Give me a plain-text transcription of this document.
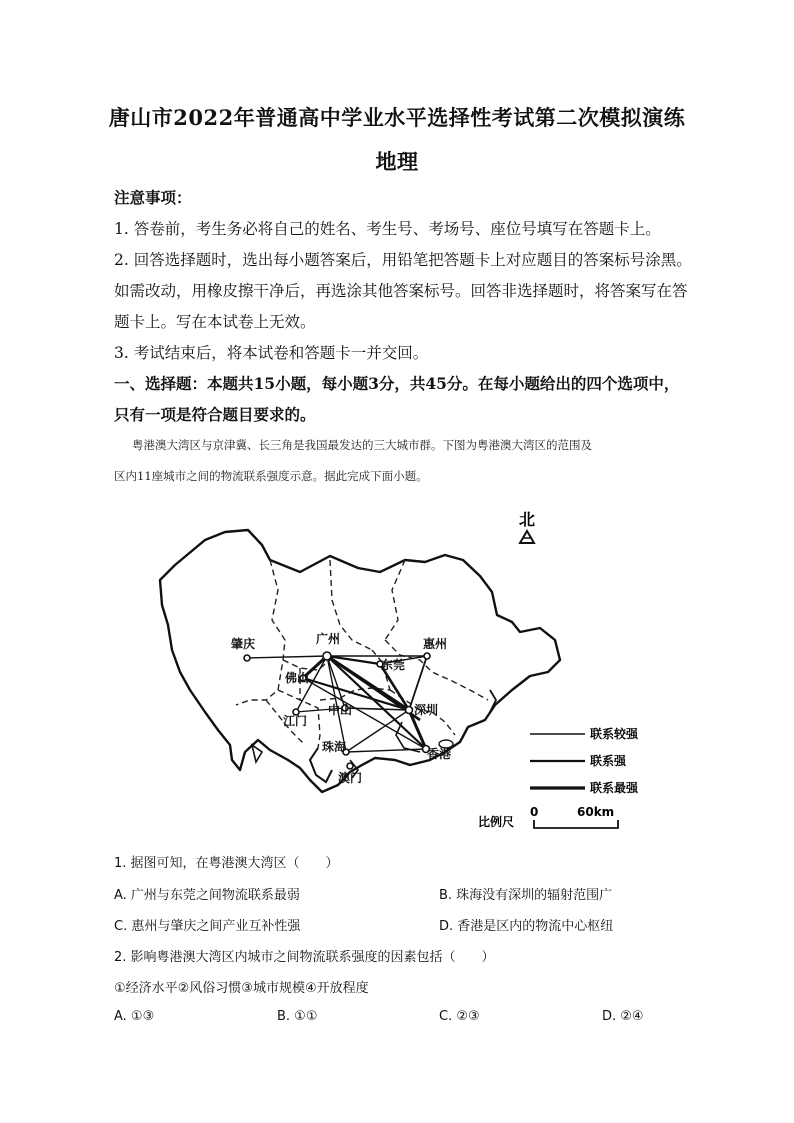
唐山市2022年普通高中学业水平选择性考试第二次模拟演练
地理
注意事项：
1. 答卷前，考生务必将自己的姓名、考生号、考场号、座位号填写在答题卡上。
2. 回答选择题时，选出每小题答案后，用铅笔把答题卡上对应题目的答案标号涂黑。
如需改动，用橡皮擦干净后，再选涂其他答案标号。回答非选择题时，将答案写在答
题卡上。写在本试卷上无效。
3. 考试结束后，将本试卷和答题卡一并交回。
一、选择题：本题共15小题，每小题3分，共45分。在每小题给出的四个选项中，
只有一项是符合题目要求的。
粤港澳大湾区与京津冀、长三角是我国最发达的三大城市群。下图为粤港澳大湾区的范围及
区内11座城市之间的物流联系强度示意。据此完成下面小题。
北
肇庆	广州	惠州
东莞
佛山
中山	深圳
江门
珠海	香港
澳门
联系较强
联系强
联系最强
比例尺
0	60km
1. 据图可知，在粤港澳大湾区（　　）
A. 广州与东莞之间物流联系最弱	B. 珠海没有深圳的辐射范围广
C. 惠州与肇庆之间产业互补性强	D. 香港是区内的物流中心枢纽
2. 影响粤港澳大湾区内城市之间物流联系强度的因素包括（　　）
①经济水平②风俗习惯③城市规模④开放程度
A. ①③	B. ①①	C. ②③	D. ②④
